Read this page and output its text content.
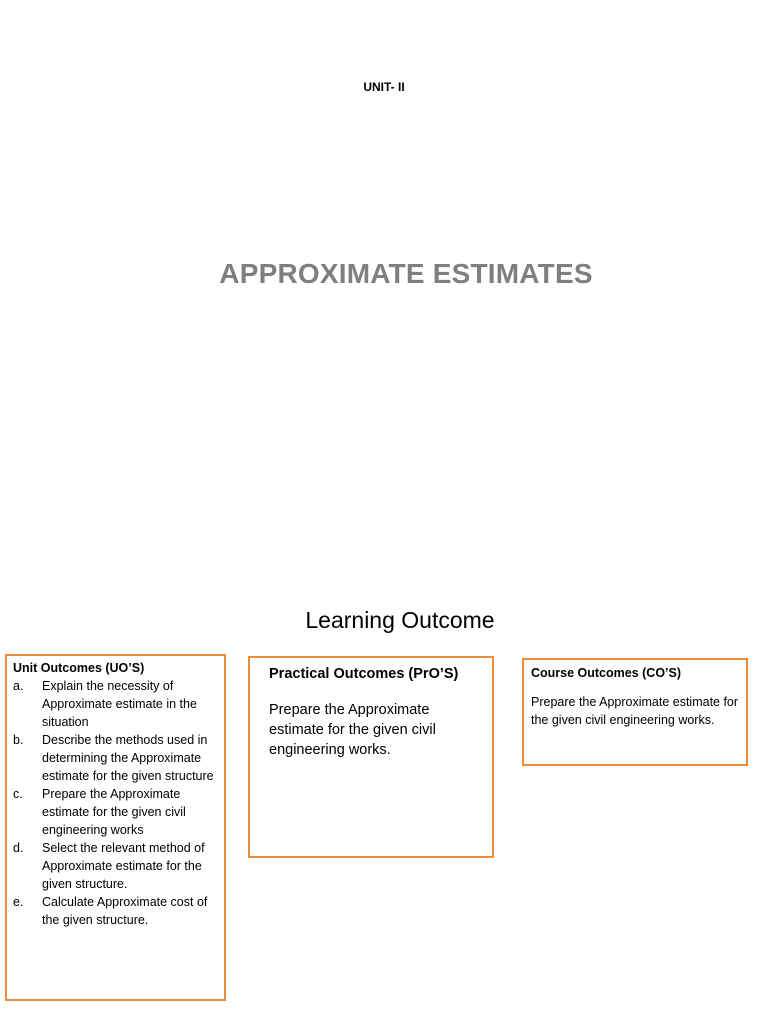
UNIT- II
APPROXIMATE ESTIMATES
Learning Outcome
Unit Outcomes (UO’S)
a.	Explain the necessity of Approximate estimate in the situation
b.	Describe the methods used in determining the Approximate estimate for the given structure
c.	Prepare the Approximate estimate for the given civil engineering works
d.	Select the relevant method of Approximate estimate for the given structure.
e.	Calculate Approximate cost of the given structure.
Practical Outcomes (PrO’S)
Prepare the Approximate estimate for the given civil engineering works.
Course Outcomes (CO’S)
Prepare the Approximate estimate for the given civil engineering works.
